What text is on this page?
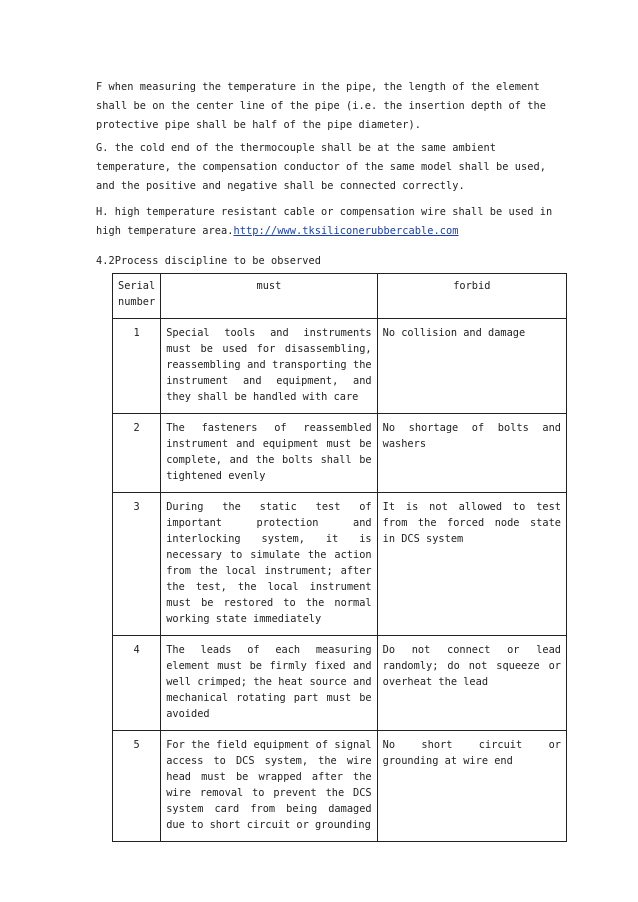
F when measuring the temperature in the pipe, the length of the element shall be on the center line of the pipe (i.e. the insertion depth of the protective pipe shall be half of the pipe diameter).

G. the cold end of the thermocouple shall be at the same ambient temperature, the compensation conductor of the same model shall be used, and the positive and negative shall be connected correctly.

H. high temperature resistant cable or compensation wire shall be used in high temperature area.http://www.tksiliconerubbercable.com

4.2Process discipline to be observed

Serial number	must	forbid
1	Special tools and instruments must be used for disassembling, reassembling and transporting the instrument and equipment, and they shall be handled with care	No collision and damage
2	The fasteners of reassembled instrument and equipment must be complete, and the bolts shall be tightened evenly	No shortage of bolts and washers
3	During the static test of important protection and interlocking system, it is necessary to simulate the action from the local instrument; after the test, the local instrument must be restored to the normal working state immediately	It is not allowed to test from the forced node state in DCS system
4	The leads of each measuring element must be firmly fixed and well crimped; the heat source and mechanical rotating part must be avoided	Do not connect or lead randomly; do not squeeze or overheat the lead
5	For the field equipment of signal access to DCS system, the wire head must be wrapped after the wire removal to prevent the DCS system card from being damaged due to short circuit or grounding	No short circuit or grounding at wire end
